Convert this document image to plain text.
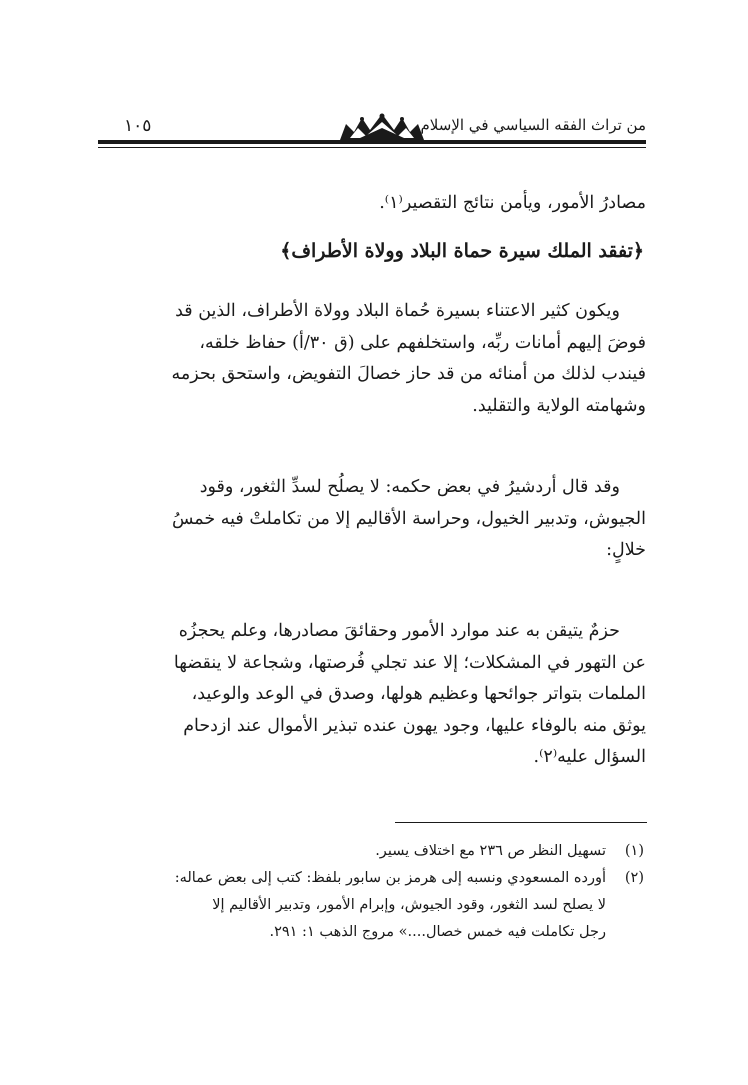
١٠٥	من تراث الفقه السياسي في الإسلام
مصادرُ الأمور، ويأمن نتائج التقصير⁽١⁾.
﴿تفقد الملك سيرة حماة البلاد وولاة الأطراف﴾
ويكون كثير الاعتناء بسيرة حُماة البلاد وولاة الأطراف، الذين قد
فوضَ إليهم أمانات ربِّه، واستخلفهم على (ق ٣٠/أ) حفاظ خلقه،
فيندب لذلك من أمنائه من قد حاز خصالَ التفويض، واستحق بحزمه
وشهامته الولاية والتقليد.
وقد قال أردشيرُ في بعض حكمه: لا يصلُح لسدِّ الثغور، وقود
الجيوش، وتدبير الخيول، وحراسة الأقاليم إلا من تكاملتْ فيه خمسُ
خلالٍ:
حزمٌ يتيقن به عند موارد الأمور وحقائقَ مصادرها، وعلم يحجزُه
عن التهور في المشكلات؛ إلا عند تجلي فُرصتها، وشجاعة لا ينقضها
الملمات بتواتر جوائحها وعظيم هولها، وصدق في الوعد والوعيد،
يوثق منه بالوفاء عليها، وجود يهون عنده تبذير الأموال عند ازدحام
السؤال عليه⁽٢⁾.
(١)تسهيل النظر ص ٢٣٦ مع اختلاف يسير.
(٢)أورده المسعودي ونسبه إلى هرمز بن سابور بلفظ: كتب إلى بعض عماله:
لا يصلح لسد الثغور، وقود الجيوش، وإبرام الأمور، وتدبير الأقاليم إلا
رجل تكاملت فيه خمس خصال....» مروج الذهب ١: ٢٩١.
